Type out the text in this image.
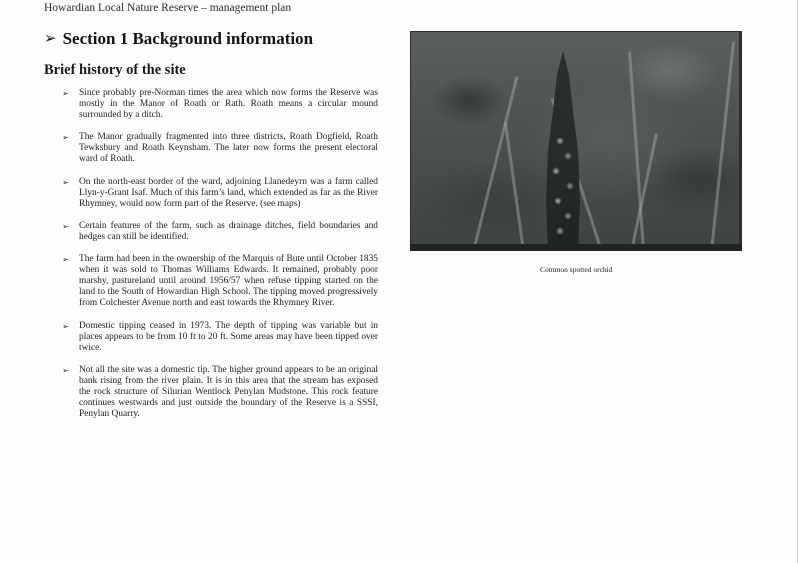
Howardian Local Nature Reserve – management plan
➢ Section 1 Background information
Brief history of the site
➢ Since probably pre-Norman times the area which now forms the Reserve was mostly in the Manor of Roath or Rath. Roath means a circular mound surrounded by a ditch.
➢ The Manor gradually fragmented into three districts, Roath Dogfield, Roath Tewksbury and Roath Keynsham. The later now forms the present electoral ward of Roath.
➢ On the north-east border of the ward, adjoining Llanedeyrn was a farm called Llyn-y-Grant Isaf. Much of this farm’s land, which extended as far as the River Rhymney, would now form part of the Reserve. (see maps)
➢ Certain features of the farm, such as drainage ditches, field boundaries and hedges can still be identified.
➢ The farm had been in the ownership of the Marquis of Bute until October 1835 when it was sold to Thomas Williams Edwards. It remained, probably poor marshy, pastureland until around 1956/57 when refuse tipping started on the land to the South of Howardian High School. The tipping moved progressively from Colchester Avenue north and east towards the Rhymney River.
➢ Domestic tipping ceased in 1973. The depth of tipping was variable but in places appears to be from 10 ft to 20 ft. Some areas may have been tipped over twice.
➢ Not all the site was a domestic tip. The higher ground appears to be an original bank rising from the river plain. It is in this area that the stream has exposed the rock structure of Silurian Wentlock Penylan Mudstone. This rock feature continues westwards and just outside the boundary of the Reserve is a SSSI, Penylan Quarry.
Common spotted orchid
